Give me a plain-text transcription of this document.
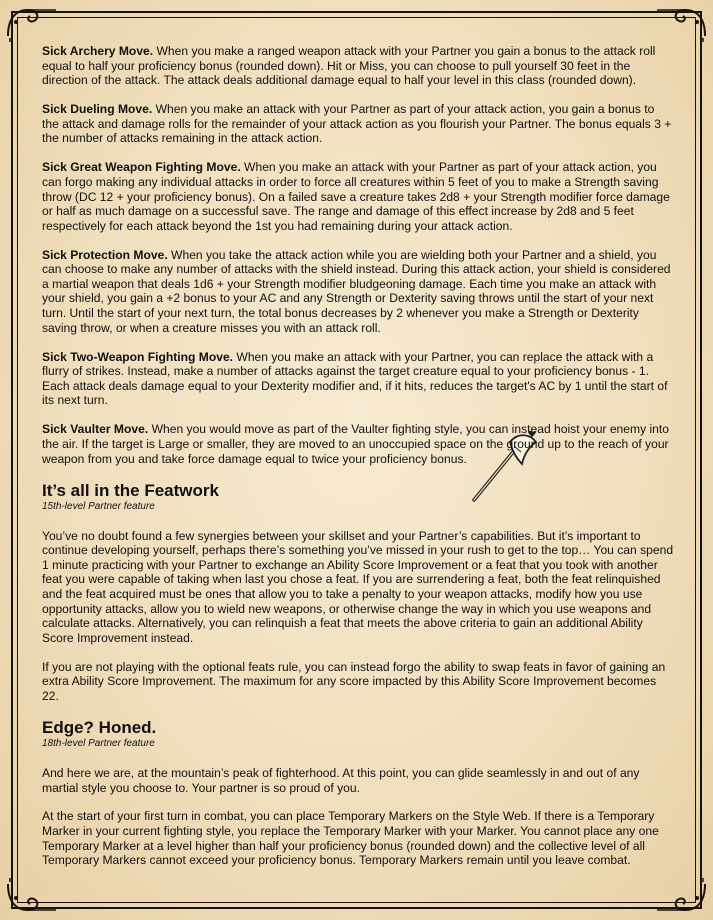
Sick Archery Move. When you make a ranged weapon attack with your Partner you gain a bonus to the attack roll equal to half your proficiency bonus (rounded down). Hit or Miss, you can choose to pull yourself 30 feet in the direction of the attack. The attack deals additional damage equal to half your level in this class (rounded down).

Sick Dueling Move. When you make an attack with your Partner as part of your attack action, you gain a bonus to the attack and damage rolls for the remainder of your attack action as you flourish your Partner. The bonus equals 3 + the number of attacks remaining in the attack action.

Sick Great Weapon Fighting Move. When you make an attack with your Partner as part of your attack action, you can forgo making any individual attacks in order to force all creatures within 5 feet of you to make a Strength saving throw (DC 12 + your proficiency bonus). On a failed save a creature takes 2d8 + your Strength modifier force damage or half as much damage on a successful save. The range and damage of this effect increase by 2d8 and 5 feet respectively for each attack beyond the 1st you had remaining during your attack action.

Sick Protection Move. When you take the attack action while you are wielding both your Partner and a shield, you can choose to make any number of attacks with the shield instead. During this attack action, your shield is considered a martial weapon that deals 1d6 + your Strength modifier bludgeoning damage. Each time you make an attack with your shield, you gain a +2 bonus to your AC and any Strength or Dexterity saving throws until the start of your next turn. Until the start of your next turn, the total bonus decreases by 2 whenever you make a Strength or Dexterity saving throw, or when a creature misses you with an attack roll.

Sick Two-Weapon Fighting Move. When you make an attack with your Partner, you can replace the attack with a flurry of strikes. Instead, make a number of attacks against the target creature equal to your proficiency bonus - 1. Each attack deals damage equal to your Dexterity modifier and, if it hits, reduces the target's AC by 1 until the start of its next turn.

Sick Vaulter Move. When you would move as part of the Vaulter fighting style, you can instead hoist your enemy into the air. If the target is Large or smaller, they are moved to an unoccupied space on the ground up to the reach of your weapon from you and take force damage equal to twice your proficiency bonus.

It’s all in the Featwork
15th-level Partner feature

You’ve no doubt found a few synergies between your skillset and your Partner’s capabilities. But it’s important to continue developing yourself, perhaps there’s something you’ve missed in your rush to get to the top… You can spend 1 minute practicing with your Partner to exchange an Ability Score Improvement or a feat that you took with another feat you were capable of taking when last you chose a feat. If you are surrendering a feat, both the feat relinquished and the feat acquired must be ones that allow you to take a penalty to your weapon attacks, modify how you use opportunity attacks, allow you to wield new weapons, or otherwise change the way in which you use weapons and calculate attacks. Alternatively, you can relinquish a feat that meets the above criteria to gain an additional Ability Score Improvement instead.

If you are not playing with the optional feats rule, you can instead forgo the ability to swap feats in favor of gaining an extra Ability Score Improvement. The maximum for any score impacted by this Ability Score Improvement becomes 22.

Edge? Honed.
18th-level Partner feature

And here we are, at the mountain’s peak of fighterhood. At this point, you can glide seamlessly in and out of any martial style you choose to. Your partner is so proud of you.

At the start of your first turn in combat, you can place Temporary Markers on the Style Web. If there is a Temporary Marker in your current fighting style, you replace the Temporary Marker with your Marker. You cannot place any one Temporary Marker at a level higher than half your proficiency bonus (rounded down) and the collective level of all Temporary Markers cannot exceed your proficiency bonus. Temporary Markers remain until you leave combat.
